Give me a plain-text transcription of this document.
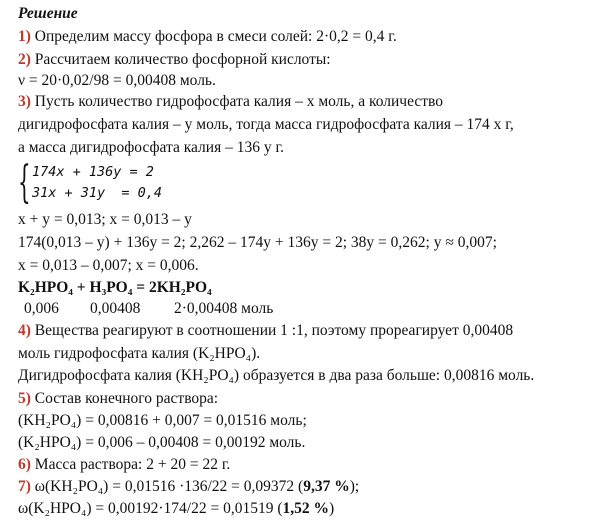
Решение
1) Определим массу фосфора в смеси солей: 2·0,2 = 0,4 г.
2) Рассчитаем количество фосфорной кислоты:
ν = 20·0,02/98 = 0,00408 моль.
3) Пусть количество гидрофосфата калия – x моль, а количество
дигидрофосфата калия – y моль, тогда масса гидрофосфата калия – 174 x г,
а масса дигидрофосфата калия – 136 y г.
{ 174x + 136y = 2
31x + 31y  = 0,4
x + y = 0,013; x = 0,013 – y
174(0,013 – y) + 136y = 2; 2,262 – 174y + 136y = 2; 38y = 0,262; y ≈ 0,007;
x = 0,013 – 0,007; x = 0,006.
K₂HPO₄ + H₃PO₄ = 2KH₂PO₄
0,006 0,00408 2·0,00408 моль
4) Вещества реагируют в соотношении 1 :1, поэтому прореагирует 0,00408
моль гидрофосфата калия (K₂HPO₄).
Дигидрофосфата калия (KH₂PO₄) образуется в два раза больше: 0,00816 моль.
5) Состав конечного раствора:
(KH₂PO₄) = 0,00816 + 0,007 = 0,01516 моль;
(K₂HPO₄) = 0,006 – 0,00408 = 0,00192 моль.
6) Масса раствора: 2 + 20 = 22 г.
7) ω(KH₂PO₄) = 0,01516 ·136/22 = 0,09372 (9,37 %);
ω(K₂HPO₄) = 0,00192·174/22 = 0,01519 (1,52 %)
